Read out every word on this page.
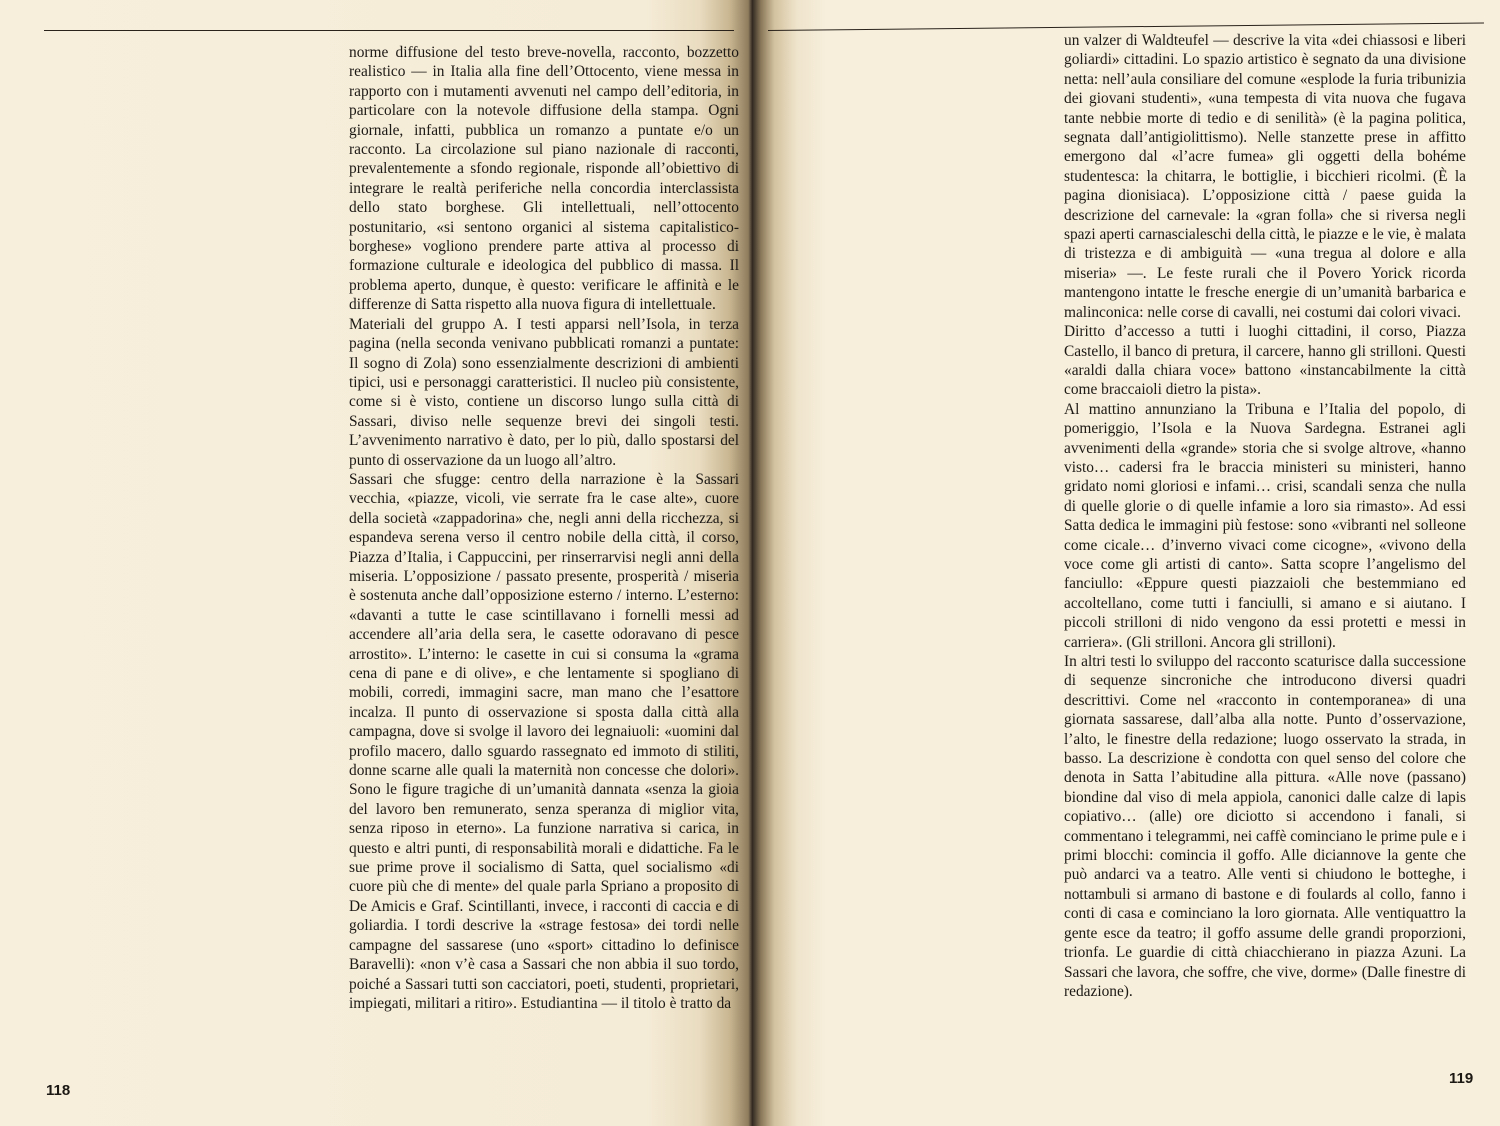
norme diffusione del testo breve-novella, racconto, bozzetto realistico — in Italia alla fine dell’Ottocento, viene messa in rapporto con i mutamenti avvenuti nel campo dell’editoria, in particolare con la notevole diffusione della stampa. Ogni giornale, infatti, pubblica un romanzo a puntate e/o un racconto. La circolazione sul piano nazionale di racconti, prevalentemente a sfondo regionale, risponde all’obiettivo di integrare le realtà periferiche nella concordia interclassista dello stato borghese. Gli intellettuali, nell’ottocento postunitario, «si sentono organici al sistema capitalistico-borghese» vogliono prendere parte attiva al processo di formazione culturale e ideologica del pubblico di massa. Il problema aperto, dunque, è questo: verificare le affinità e le differenze di Satta rispetto alla nuova figura di intellettuale.

Materiali del gruppo A. I testi apparsi nell’Isola, in terza pagina (nella seconda venivano pubblicati romanzi a puntate: Il sogno di Zola) sono essenzialmente descrizioni di ambienti tipici, usi e personaggi caratteristici. Il nucleo più consistente, come si è visto, contiene un discorso lungo sulla città di Sassari, diviso nelle sequenze brevi dei singoli testi. L’avvenimento narrativo è dato, per lo più, dallo spostarsi del punto di osservazione da un luogo all’altro.

Sassari che sfugge: centro della narrazione è la Sassari vecchia, «piazze, vicoli, vie serrate fra le case alte», cuore della società «zappadorina» che, negli anni della ricchezza, si espandeva serena verso il centro nobile della città, il corso, Piazza d’Italia, i Cappuccini, per rinserrarvisi negli anni della miseria. L’opposizione / passato presente, prosperità / miseria è sostenuta anche dall’opposizione esterno / interno. L’esterno: «davanti a tutte le case scintillavano i fornelli messi ad accendere all’aria della sera, le casette odoravano di pesce arrostito». L’interno: le casette in cui si consuma la «grama cena di pane e di olive», e che lentamente si spogliano di mobili, corredi, immagini sacre, man mano che l’esattore incalza. Il punto di osservazione si sposta dalla città alla campagna, dove si svolge il lavoro dei legnaiuoli: «uomini dal profilo macero, dallo sguardo rassegnato ed immoto di stiliti, donne scarne alle quali la maternità non concesse che dolori». Sono le figure tragiche di un’umanità dannata «senza la gioia del lavoro ben remunerato, senza speranza di miglior vita, senza riposo in eterno». La funzione narrativa si carica, in questo e altri punti, di responsabilità morali e didattiche. Fa le sue prime prove il socialismo di Satta, quel socialismo «di cuore più che di mente» del quale parla Spriano a proposito di De Amicis e Graf. Scintillanti, invece, i racconti di caccia e di goliardia. I tordi descrive la «strage festosa» dei tordi nelle campagne del sassarese (uno «sport» cittadino lo definisce Baravelli): «non v’è casa a Sassari che non abbia il suo tordo, poiché a Sassari tutti son cacciatori, poeti, studenti, proprietari, impiegati, militari a ritiro». Estudiantina — il titolo è tratto da

118

un valzer di Waldteufel — descrive la vita «dei chiassosi e liberi goliardi» cittadini. Lo spazio artistico è segnato da una divisione netta: nell’aula consiliare del comune «esplode la furia tribunizia dei giovani studenti», «una tempesta di vita nuova che fugava tante nebbie morte di tedio e di senilità» (è la pagina politica, segnata dall’antigiolittismo). Nelle stanzette prese in affitto emergono dal «l’acre fumea» gli oggetti della bohéme studentesca: la chitarra, le bottiglie, i bicchieri ricolmi. (È la pagina dionisiaca). L’opposizione città / paese guida la descrizione del carnevale: la «gran folla» che si riversa negli spazi aperti carnascialeschi della città, le piazze e le vie, è malata di tristezza e di ambiguità — «una tregua al dolore e alla miseria» —. Le feste rurali che il Povero Yorick ricorda mantengono intatte le fresche energie di un’umanità barbarica e malinconica: nelle corse di cavalli, nei costumi dai colori vivaci.

Diritto d’accesso a tutti i luoghi cittadini, il corso, Piazza Castello, il banco di pretura, il carcere, hanno gli strilloni. Questi «araldi dalla chiara voce» battono «instancabilmente la città come braccaioli dietro la pista».

Al mattino annunziano la Tribuna e l’Italia del popolo, di pomeriggio, l’Isola e la Nuova Sardegna. Estranei agli avvenimenti della «grande» storia che si svolge altrove, «hanno visto… cadersi fra le braccia ministeri su ministeri, hanno gridato nomi gloriosi e infami… crisi, scandali senza che nulla di quelle glorie o di quelle infamie a loro sia rimasto». Ad essi Satta dedica le immagini più festose: sono «vibranti nel solleone come cicale… d’inverno vivaci come cicogne», «vivono della voce come gli artisti di canto». Satta scopre l’angelismo del fanciullo: «Eppure questi piazzaioli che bestemmiano ed accoltellano, come tutti i fanciulli, si amano e si aiutano. I piccoli strilloni di nido vengono da essi protetti e messi in carriera». (Gli strilloni. Ancora gli strilloni).

In altri testi lo sviluppo del racconto scaturisce dalla successione di sequenze sincroniche che introducono diversi quadri descrittivi. Come nel «racconto in contemporanea» di una giornata sassarese, dall’alba alla notte. Punto d’osservazione, l’alto, le finestre della redazione; luogo osservato la strada, in basso. La descrizione è condotta con quel senso del colore che denota in Satta l’abitudine alla pittura. «Alle nove (passano) biondine dal viso di mela appiola, canonici dalle calze di lapis copiativo… (alle) ore diciotto si accendono i fanali, si commentano i telegrammi, nei caffè cominciano le prime pule e i primi blocchi: comincia il goffo. Alle diciannove la gente che può andarci va a teatro. Alle venti si chiudono le botteghe, i nottambuli si armano di bastone e di foulards al collo, fanno i conti di casa e cominciano la loro giornata. Alle ventiquattro la gente esce da teatro; il goffo assume delle grandi proporzioni, trionfa. Le guardie di città chiacchierano in piazza Azuni. La Sassari che lavora, che soffre, che vive, dorme» (Dalle finestre di redazione).

119
